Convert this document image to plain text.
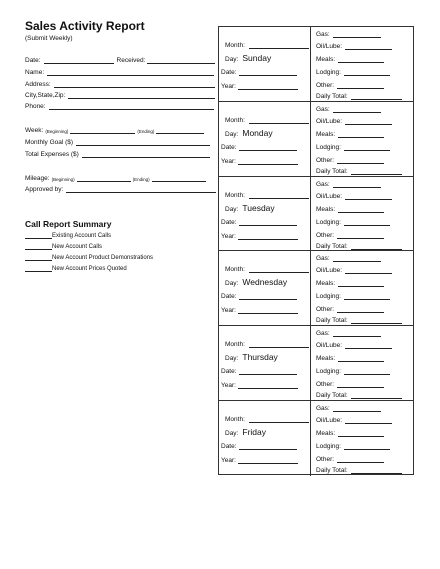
Sales Activity Report
(Submit Weekly)
Date:	Received:
Name:
Address:
City,State,Zip:
Phone:
Week: (Beginning)	(Ending)
Monthly Goal ($)
Total Expenses ($)
Mileage: (Beginning)	(Ending)
Approved by:
Call Report Summary
Existing Account Calls
New Account Calls
New Account Product Demonstrations
New Account Prices Quoted
Month:
Day: Sunday
Date:
Year:
Gas:
Oil/Lube:
Meals:
Lodging:
Other:
Daily Total:
Month:
Day: Monday
Date:
Year:
Gas:
Oil/Lube:
Meals:
Lodging:
Other:
Daily Total:
Month:
Day: Tuesday
Date:
Year:
Gas:
Oil/Lube:
Meals:
Lodging:
Other:
Daily Total:
Month:
Day: Wednesday
Date:
Year:
Gas:
Oil/Lube:
Meals:
Lodging:
Other:
Daily Total:
Month:
Day: Thursday
Date:
Year:
Gas:
Oil/Lube:
Meals:
Lodging:
Other:
Daily Total:
Month:
Day: Friday
Date:
Year:
Gas:
Oil/Lube:
Meals:
Lodging:
Other:
Daily Total:
